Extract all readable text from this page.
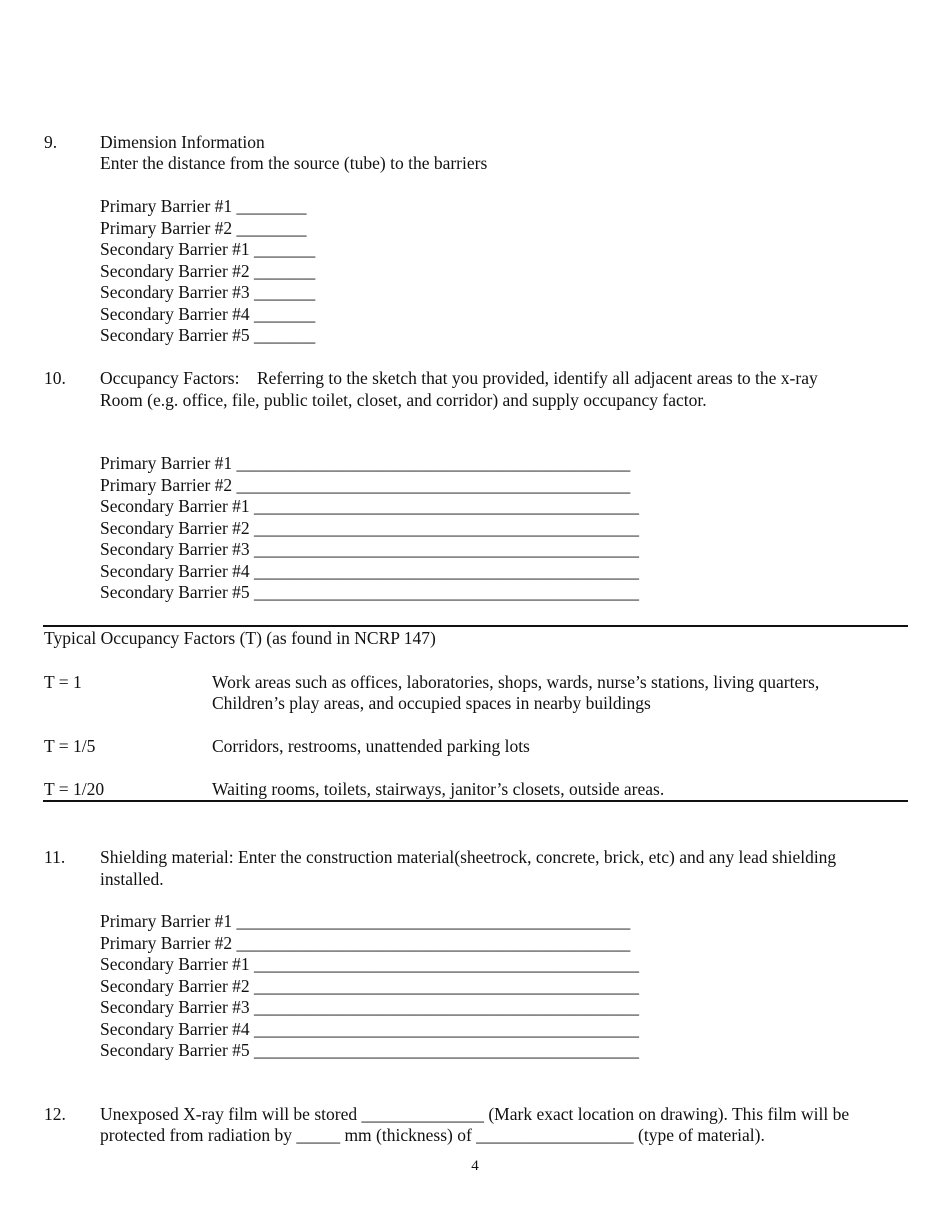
9. Dimension Information
Enter the distance from the source (tube) to the barriers
Primary Barrier #1 ________
Primary Barrier #2 ________
Secondary Barrier #1 _______
Secondary Barrier #2 _______
Secondary Barrier #3 _______
Secondary Barrier #4 _______
Secondary Barrier #5 _______
10. Occupancy Factors:    Referring to the sketch that you provided, identify all adjacent areas to the x-ray
Room (e.g. office, file, public toilet, closet, and corridor) and supply occupancy factor.
Primary Barrier #1 _____________________________________________
Primary Barrier #2 _____________________________________________
Secondary Barrier #1 ____________________________________________
Secondary Barrier #2 ____________________________________________
Secondary Barrier #3 ____________________________________________
Secondary Barrier #4 ____________________________________________
Secondary Barrier #5 ____________________________________________
Typical Occupancy Factors (T) (as found in NCRP 147)
T = 1	Work areas such as offices, laboratories, shops, wards, nurse’s stations, living quarters,
Children’s play areas, and occupied spaces in nearby buildings
T = 1/5	Corridors, restrooms, unattended parking lots
T = 1/20	Waiting rooms, toilets, stairways, janitor’s closets, outside areas.
11. Shielding material: Enter the construction material(sheetrock, concrete, brick, etc) and any lead shielding
installed.
Primary Barrier #1 _____________________________________________
Primary Barrier #2 _____________________________________________
Secondary Barrier #1 ____________________________________________
Secondary Barrier #2 ____________________________________________
Secondary Barrier #3 ____________________________________________
Secondary Barrier #4 ____________________________________________
Secondary Barrier #5 ____________________________________________
12. Unexposed X-ray film will be stored ______________ (Mark exact location on drawing). This film will be
protected from radiation by _____ mm (thickness) of __________________ (type of material).
4
